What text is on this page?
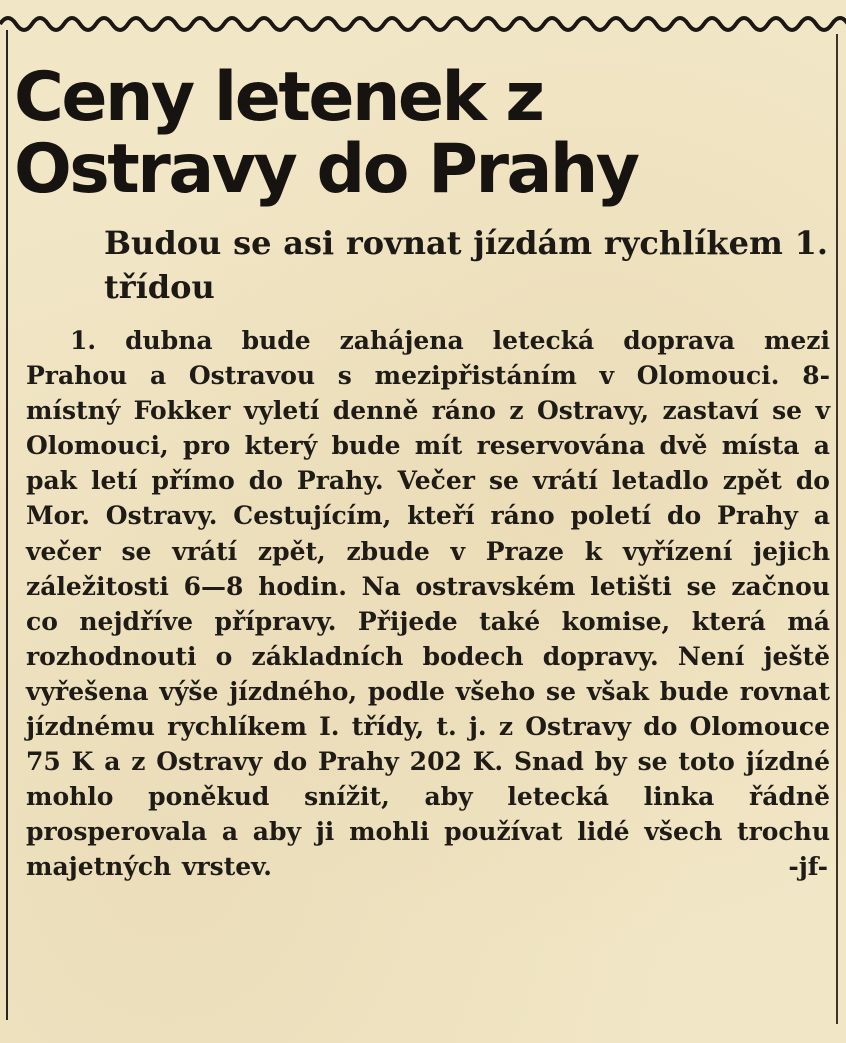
Ceny letenek z Ostravy do Prahy
Budou se asi rovnat jízdám rychlíkem 1. třídou

1. dubna bude zahájena letecká doprava mezi Prahou a Ostravou s mezipřistáním v Olomouci. 8-místný Fokker vyletí denně ráno z Ostravy, zastaví se v Olomouci, pro který bude mít reservována dvě místa a pak letí přímo do Prahy. Večer se vrátí letadlo zpět do Mor. Ostravy. Cestujícím, kteří ráno poletí do Prahy a večer se vrátí zpět, zbude v Praze k vyřízení jejich záležitosti 6—8 hodin. Na ostravském letišti se začnou co nejdříve přípravy. Přijede také komise, která má rozhodnouti o základních bodech dopravy. Není ještě vyřešena výše jízdného, podle všeho se však bude rovnat jízdnému rychlíkem I. třídy, t. j. z Ostravy do Olomouce 75 K a z Ostravy do Prahy 202 K. Snad by se toto jízdné mohlo poněkud snížit, aby letecká linka řádně prosperovala a aby ji mohli používat lidé všech trochu majetných vrstev.	-jf-
